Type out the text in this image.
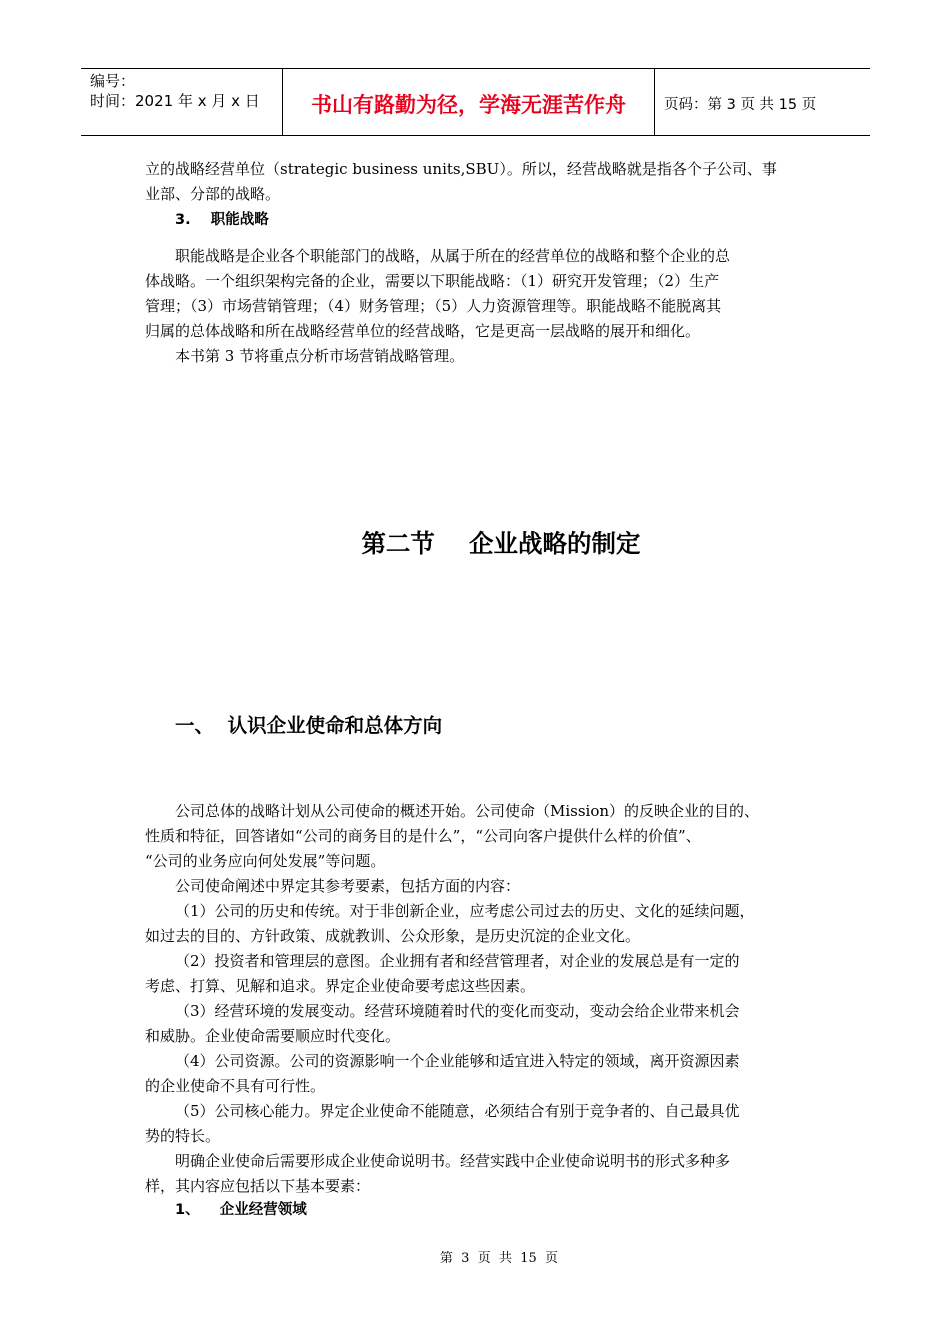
编号：
时间：2021 年 x 月 x 日	书山有路勤为径，学海无涯苦作舟	页码：第 3 页 共 15 页

立的战略经营单位（strategic business units,SBU）。所以，经营战略就是指各个子公司、事

业部、分部的战略。

3.    职能战略

职能战略是企业各个职能部门的战略，从属于所在的经营单位的战略和整个企业的总

体战略。一个组织架构完备的企业，需要以下职能战略：（1）研究开发管理；（2）生产

管理；（3）市场营销管理；（4）财务管理；（5）人力资源管理等。职能战略不能脱离其

归属的总体战略和所在战略经营单位的经营战略，它是更高一层战略的展开和细化。

本书第 3 节将重点分析市场营销战略管理。

第二节    企业战略的制定
一、  认识企业使命和总体方向

公司总体的战略计划从公司使命的概述开始。公司使命（Mission）的反映企业的目的、

性质和特征，回答诸如“公司的商务目的是什么”，“公司向客户提供什么样的价值”、

“公司的业务应向何处发展”等问题。

公司使命阐述中界定其参考要素，包括方面的内容：

（1）公司的历史和传统。对于非创新企业，应考虑公司过去的历史、文化的延续问题，

如过去的目的、方针政策、成就教训、公众形象，是历史沉淀的企业文化。

（2）投资者和管理层的意图。企业拥有者和经营管理者，对企业的发展总是有一定的

考虑、打算、见解和追求。界定企业使命要考虑这些因素。

（3）经营环境的发展变动。经营环境随着时代的变化而变动，变动会给企业带来机会

和威胁。企业使命需要顺应时代变化。

（4）公司资源。公司的资源影响一个企业能够和适宜进入特定的领域，离开资源因素

的企业使命不具有可行性。

（5）公司核心能力。界定企业使命不能随意，必须结合有别于竞争者的、自己最具优

势的特长。

明确企业使命后需要形成企业使命说明书。经营实践中企业使命说明书的形式多种多

样，其内容应包括以下基本要素：

1、    企业经营领域

第  3  页  共  15  页
